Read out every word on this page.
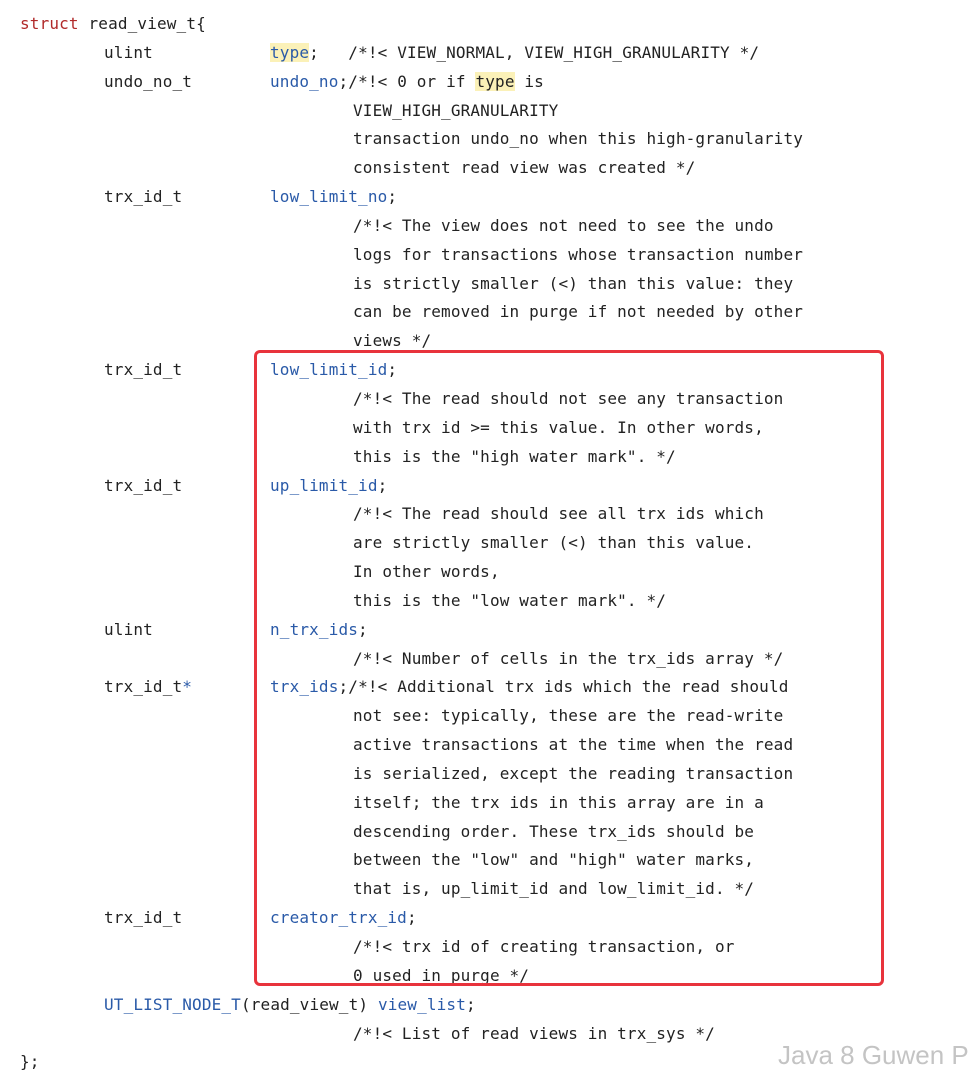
struct read_view_t{

ulint

	type;   /*!< VIEW_NORMAL, VIEW_HIGH_GRANULARITY */

undo_no_t

	undo_no;/*!< 0 or if type is

VIEW_HIGH_GRANULARITY
transaction undo_no when this high-granularity
consistent read view was created */

trx_id_t

	low_limit_no;

/*!< The view does not need to see the undo
logs for transactions whose transaction number
is strictly smaller (<) than this value: they
can be removed in purge if not needed by other
views */

trx_id_t

	low_limit_id;

/*!< The read should not see any transaction
with trx id >= this value. In other words,
this is the "high water mark". */

trx_id_t

	up_limit_id;

/*!< The read should see all trx ids which
are strictly smaller (<) than this value.
In other words,
this is the "low water mark". */

ulint

	n_trx_ids;

/*!< Number of cells in the trx_ids array */

trx_id_t*

	trx_ids;/*!< Additional trx ids which the read should

not see: typically, these are the read-write
active transactions at the time when the read
is serialized, except the reading transaction
itself; the trx ids in this array are in a
descending order. These trx_ids should be
between the "low" and "high" water marks,
that is, up_limit_id and low_limit_id. */

trx_id_t

	creator_trx_id;

/*!< trx id of creating transaction, or
0 used in purge */

UT_LIST_NODE_T(read_view_t) view_list;

/*!< List of read views in trx_sys */
};	Java 8 Guwen P
